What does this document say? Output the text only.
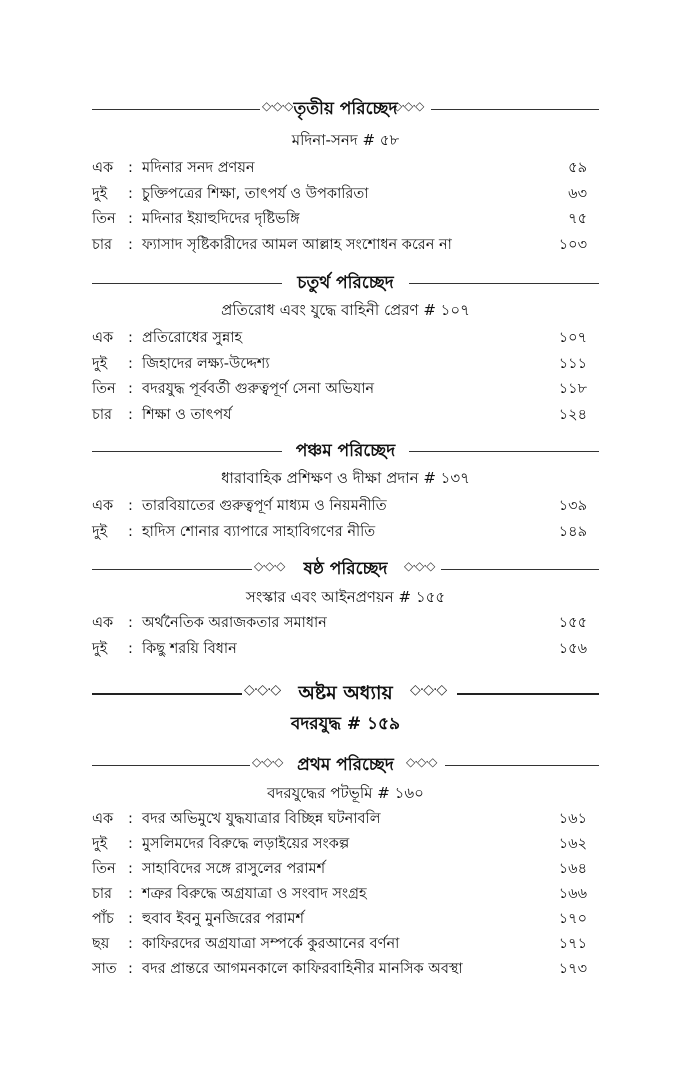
◇·◇·◇	◇·◇·◇
তৃতীয় পরিচ্ছেদ
মদিনা-সনদ # ৫৮
এক : মদিনার সনদ প্রণয়ন	৫৯
দুই : চুক্তিপত্রের শিক্ষা, তাৎপর্য ও উপকারিতা	৬৩
তিন : মদিনার ইয়াহুদিদের দৃষ্টিভঙ্গি	৭৫
চার : ফ্যাসাদ সৃষ্টিকারীদের আমল আল্লাহ সংশোধন করেন না	১০৩
চতুর্থ পরিচ্ছেদ
প্রতিরোধ এবং যুদ্ধে বাহিনী প্রেরণ # ১০৭
এক : প্রতিরোধের সুন্নাহ	১০৭
দুই : জিহাদের লক্ষ্য-উদ্দেশ্য	১১১
তিন : বদরযুদ্ধ পূর্ববর্তী গুরুত্বপূর্ণ সেনা অভিযান	১১৮
চার : শিক্ষা ও তাৎপর্য	১২৪
পঞ্চম পরিচ্ছেদ
ধারাবাহিক প্রশিক্ষণ ও দীক্ষা প্রদান # ১৩৭
এক : তারবিয়াতের গুরুত্বপূর্ণ মাধ্যম ও নিয়মনীতি	১৩৯
দুই : হাদিস শোনার ব্যাপারে সাহাবিগণের নীতি	১৪৯
◇·◇·◇	◇·◇·◇
ষষ্ঠ পরিচ্ছেদ
সংস্কার এবং আইনপ্রণয়ন # ১৫৫
এক : অর্থনৈতিক অরাজকতার সমাধান	১৫৫
দুই : কিছু শরয়ি বিধান	১৫৬
◇·◇·◇	◇·◇·◇
অষ্টম অধ্যায়
বদরযুদ্ধ # ১৫৯
◇·◇·◇	◇·◇·◇
প্রথম পরিচ্ছেদ
বদরযুদ্ধের পটভূমি # ১৬০
এক : বদর অভিমুখে যুদ্ধযাত্রার বিচ্ছিন্ন ঘটনাবলি	১৬১
দুই : মুসলিমদের বিরুদ্ধে লড়াইয়ের সংকল্প	১৬২
তিন : সাহাবিদের সঙ্গে রাসুলের পরামর্শ	১৬৪
চার : শত্রুর বিরুদ্ধে অগ্রযাত্রা ও সংবাদ সংগ্রহ	১৬৬
পাঁচ : হুবাব ইবনু মুনজিরের পরামর্শ	১৭০
ছয় : কাফিরদের অগ্রযাত্রা সম্পর্কে কুরআনের বর্ণনা	১৭১
সাত : বদর প্রান্তরে আগমনকালে কাফিরবাহিনীর মানসিক অবস্থা	১৭৩
